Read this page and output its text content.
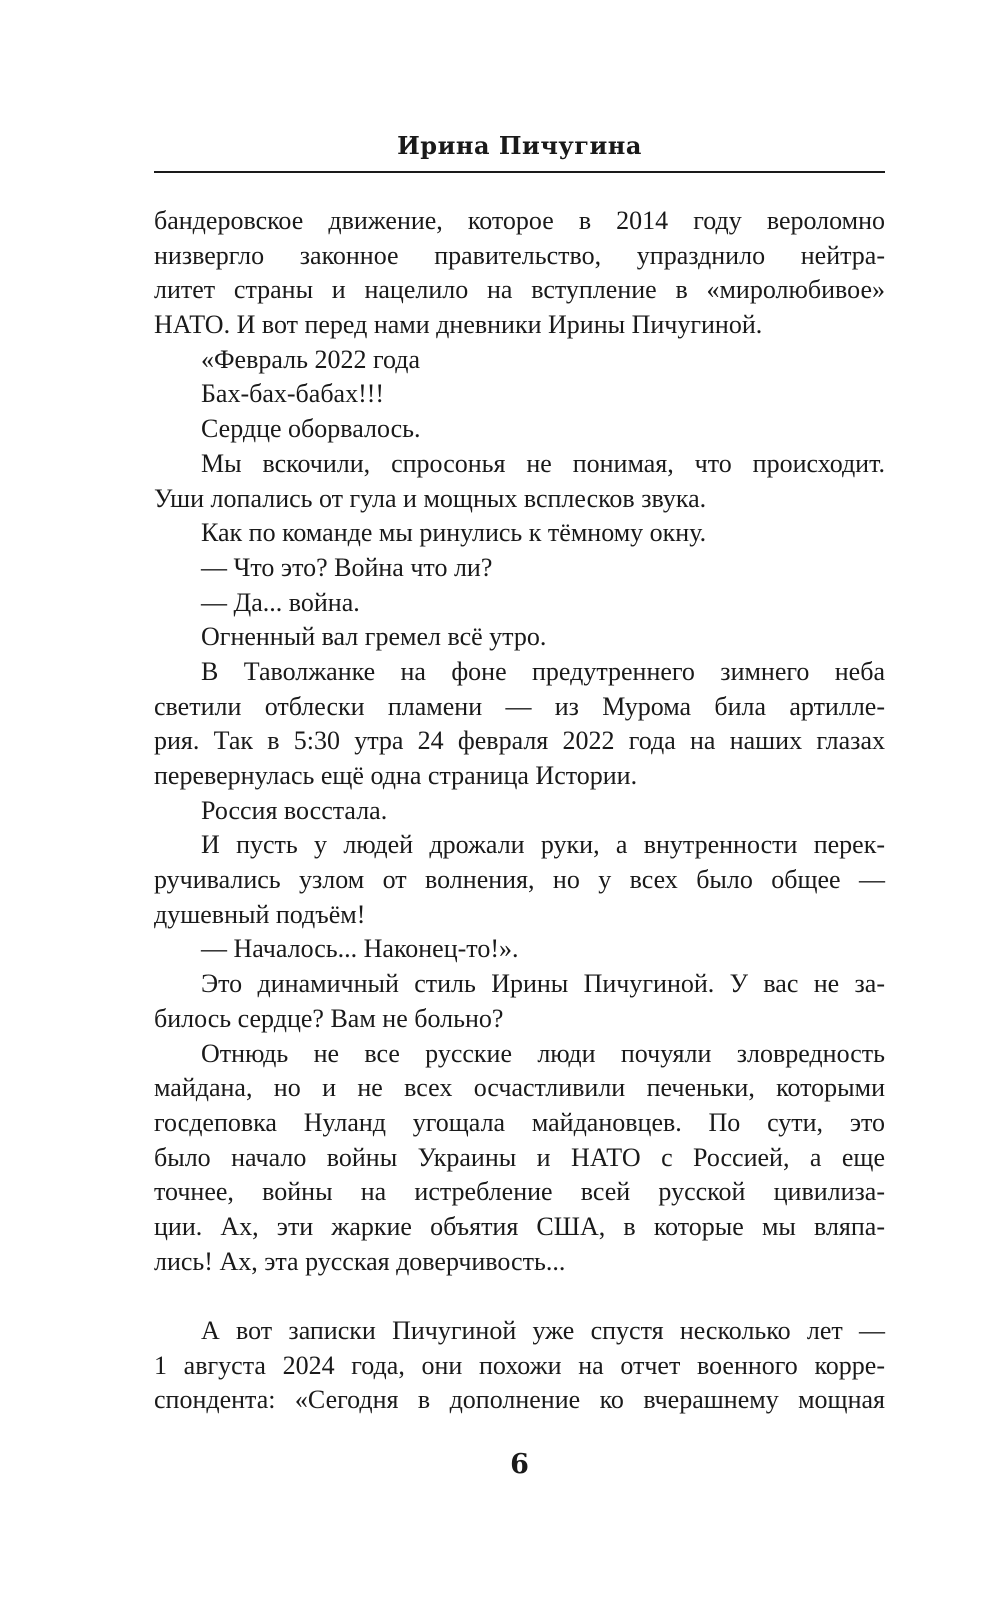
Ирина Пичугина

бандеровское движение, которое в 2014 году вероломно

низвергло законное правительство, упразднило нейтра-

литет страны и нацелило на вступление в «миролюбивое»

НАТО. И вот перед нами дневники Ирины Пичугиной.

«Февраль 2022 года

Бах-бах-бабах!!!

Сердце оборвалось.

Мы вскочили, спросонья не понимая, что происходит.

Уши лопались от гула и мощных всплесков звука.

Как по команде мы ринулись к тёмному окну.

— Что это? Война что ли?

— Да... война.

Огненный вал гремел всё утро.

В Таволжанке на фоне предутреннего зимнего неба

светили отблески пламени — из Мурома била артилле-

рия. Так в 5:30 утра 24 февраля 2022 года на наших глазах

перевернулась ещё одна страница Истории.

Россия восстала.

И пусть у людей дрожали руки, а внутренности перек-

ручивались узлом от волнения, но у всех было общее —

душевный подъём!

— Началось... Наконец-то!».

Это динамичный стиль Ирины Пичугиной. У вас не за-

билось сердце? Вам не больно?

Отнюдь не все русские люди почуяли зловредность

майдана, но и не всех осчастливили печеньки, которыми

госдеповка Нуланд угощала майдановцев. По сути, это

было начало войны Украины и НАТО с Россией, а еще

точнее, войны на истребление всей русской цивилиза-

ции. Ах, эти жаркие объятия США, в которые мы вляпа-

лись! Ах, эта русская доверчивость...

А вот записки Пичугиной уже спустя несколько лет —

1 августа 2024 года, они похожи на отчет военного корре-

спондента: «Сегодня в дополнение ко вчерашнему мощная

6
